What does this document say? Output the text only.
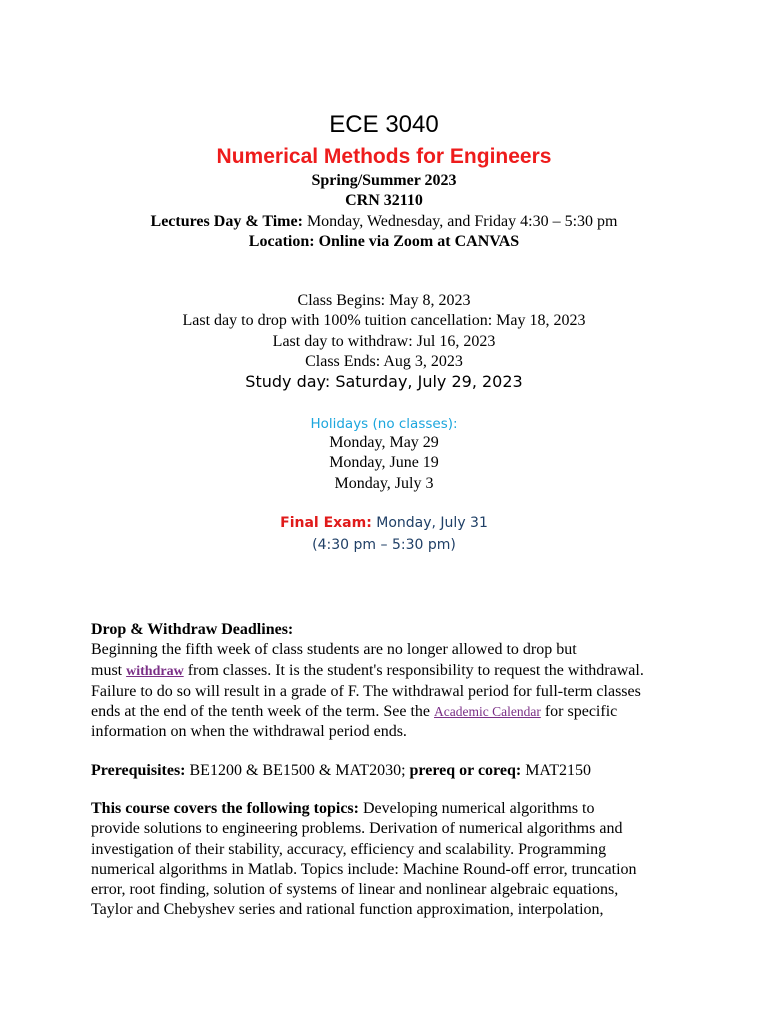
ECE 3040
Numerical Methods for Engineers
Spring/Summer 2023
CRN 32110
Lectures Day & Time: Monday, Wednesday, and Friday 4:30 – 5:30 pm
Location: Online via Zoom at CANVAS

Class Begins: May 8, 2023

Last day to drop with 100% tuition cancellation: May 18, 2023

Last day to withdraw: Jul 16, 2023

Class Ends: Aug 3, 2023

Study day: Saturday, July 29, 2023

Holidays (no classes):

Monday, May 29

Monday, June 19

Monday, July 3

Final Exam: Monday, July 31
(4:30 pm – 5:30 pm)

Drop & Withdraw Deadlines:

Beginning the fifth week of class students are no longer allowed to drop but

must withdraw from classes. It is the student's responsibility to request the withdrawal.

Failure to do so will result in a grade of F. The withdrawal period for full-term classes

ends at the end of the tenth week of the term. See the Academic Calendar for specific

information on when the withdrawal period ends.

Prerequisites: BE1200 & BE1500 & MAT2030; prereq or coreq: MAT2150

This course covers the following topics: Developing numerical algorithms to

provide solutions to engineering problems. Derivation of numerical algorithms and

investigation of their stability, accuracy, efficiency and scalability. Programming

numerical algorithms in Matlab. Topics include: Machine Round-off error, truncation

error, root finding, solution of systems of linear and nonlinear algebraic equations,

Taylor and Chebyshev series and rational function approximation, interpolation,
